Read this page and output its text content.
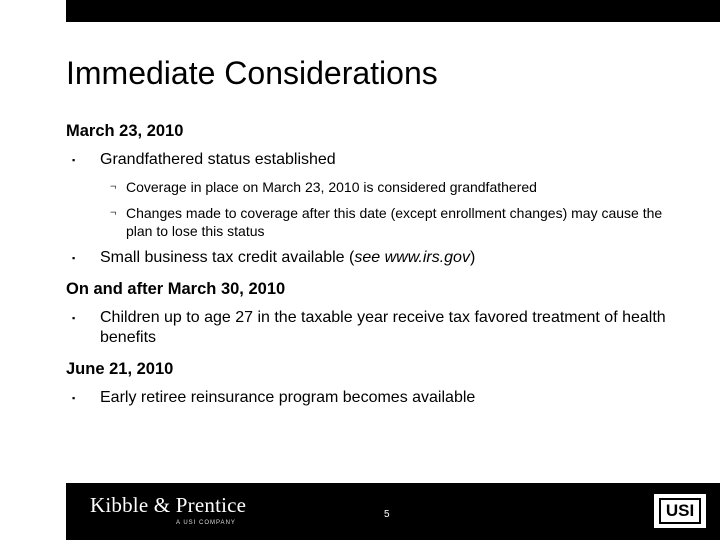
Immediate Considerations

March 23, 2010

▪ Grandfathered status established
¬ Coverage in place on March 23, 2010 is considered grandfathered
¬ Changes made to coverage after this date (except enrollment changes) may cause the plan to lose this status
▪ Small business tax credit available (see www.irs.gov)

On and after March 30, 2010

▪ Children up to age 27 in the taxable year receive tax favored treatment of health benefits

June 21, 2010

▪ Early retiree reinsurance program becomes available
Kibble & Prentice
A USI COMPANY
5	USI
